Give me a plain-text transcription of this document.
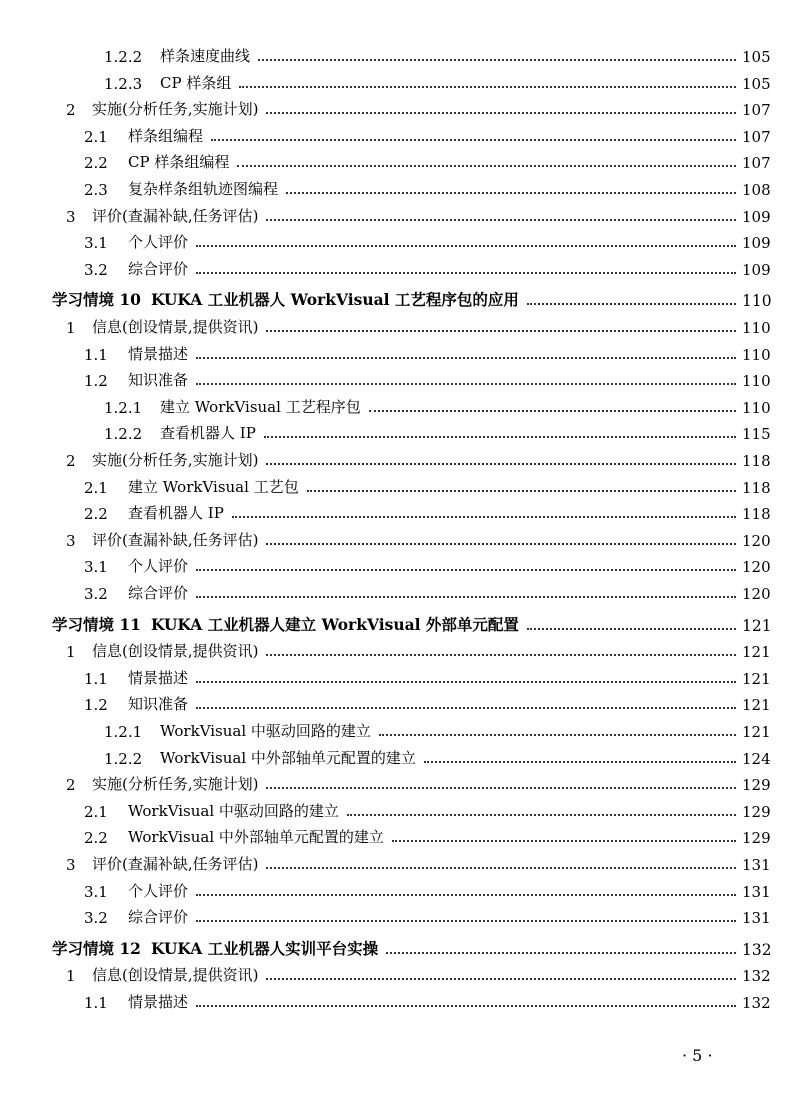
1.2.2	样条速度曲线	105
1.2.3	CP 样条组	105
2 实施(分析任务,实施计划)	107
2.1	样条组编程	107
2.2	CP 样条组编程	107
2.3	复杂样条组轨迹图编程	108
3 评价(查漏补缺,任务评估)	109
3.1	个人评价	109
3.2	综合评价	109
学习情境 10 KUKA 工业机器人 WorkVisual 工艺程序包的应用	110
1 信息(创设情景,提供资讯)	110
1.1	情景描述	110
1.2	知识准备	110
1.2.1	建立 WorkVisual 工艺程序包	110
1.2.2	查看机器人 IP	115
2 实施(分析任务,实施计划)	118
2.1	建立 WorkVisual 工艺包	118
2.2	查看机器人 IP	118
3 评价(查漏补缺,任务评估)	120
3.1	个人评价	120
3.2	综合评价	120
学习情境 11 KUKA 工业机器人建立 WorkVisual 外部单元配置	121
1 信息(创设情景,提供资讯)	121
1.1	情景描述	121
1.2	知识准备	121
1.2.1	WorkVisual 中驱动回路的建立	121
1.2.2	WorkVisual 中外部轴单元配置的建立	124
2 实施(分析任务,实施计划)	129
2.1	WorkVisual 中驱动回路的建立	129
2.2	WorkVisual 中外部轴单元配置的建立	129
3 评价(查漏补缺,任务评估)	131
3.1	个人评价	131
3.2	综合评价	131
学习情境 12 KUKA 工业机器人实训平台实操	132
1 信息(创设情景,提供资讯)	132
1.1	情景描述	132
· 5 ·
